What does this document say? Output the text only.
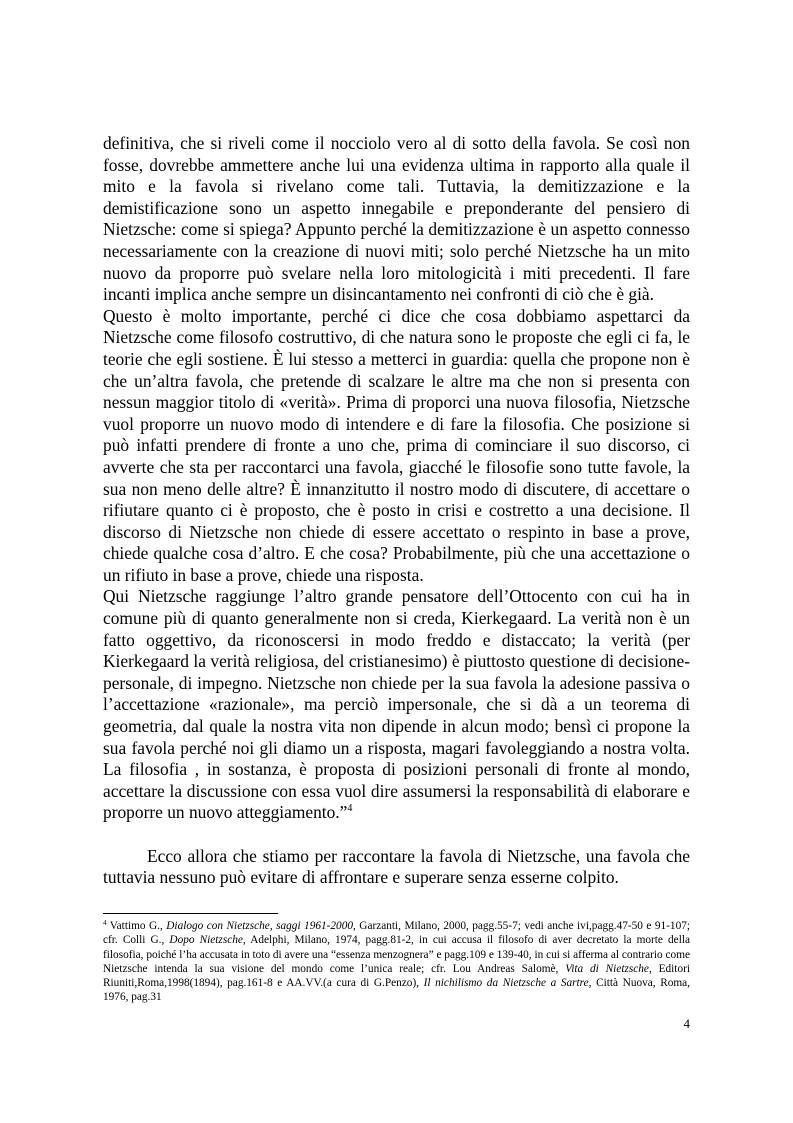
definitiva, che si riveli come il nocciolo vero al di sotto della favola. Se così non fosse, dovrebbe ammettere anche lui una evidenza ultima in rapporto alla quale il mito e la favola si rivelano come tali. Tuttavia, la demitizzazione e la demistificazione sono un aspetto innegabile e preponderante del pensiero di Nietzsche: come si spiega? Appunto perché la demitizzazione è un aspetto connesso necessariamente con la creazione di nuovi miti; solo perché Nietzsche ha un mito nuovo da proporre può svelare nella loro mitologicità i miti precedenti. Il fare incanti implica anche sempre un disincantamento nei confronti di ciò che è già.

Questo è molto importante, perché ci dice che cosa dobbiamo aspettarci da Nietzsche come filosofo costruttivo, di che natura sono le proposte che egli ci fa, le teorie che egli sostiene. È lui stesso a metterci in guardia: quella che propone non è che un’altra favola, che pretende di scalzare le altre ma che non si presenta con nessun maggior titolo di «verità». Prima di proporci una nuova filosofia, Nietzsche vuol proporre un nuovo modo di intendere e di fare la filosofia. Che posizione si può infatti prendere di fronte a uno che, prima di cominciare il suo discorso, ci avverte che sta per raccontarci una favola, giacché le filosofie sono tutte favole, la sua non meno delle altre? È innanzitutto il nostro modo di discutere, di accettare o rifiutare quanto ci è proposto, che è posto in crisi e costretto a una decisione. Il discorso di Nietzsche non chiede di essere accettato o respinto in base a prove, chiede qualche cosa d’altro. E che cosa? Probabilmente, più che una accettazione o un rifiuto in base a prove, chiede una risposta.

Qui Nietzsche raggiunge l’altro grande pensatore dell’Ottocento con cui ha in comune più di quanto generalmente non si creda, Kierkegaard. La verità non è un fatto oggettivo, da riconoscersi in modo freddo e distaccato; la verità (per Kierkegaard la verità religiosa, del cristianesimo) è piuttosto questione di decisione-personale, di impegno. Nietzsche non chiede per la sua favola la adesione passiva o l’accettazione «razionale», ma perciò impersonale, che si dà a un teorema di geometria, dal quale la nostra vita non dipende in alcun modo; bensì ci propone la sua favola perché noi gli diamo un a risposta, magari favoleggiando a nostra volta. La filosofia , in sostanza, è proposta di posizioni personali di fronte al mondo, accettare la discussione con essa vuol dire assumersi la responsabilità di elaborare e proporre un nuovo atteggiamento.”$^4$

Ecco allora che stiamo per raccontare la favola di Nietzsche, una favola che tuttavia nessuno può evitare di affrontare e superare senza esserne colpito.

$^4$ Vattimo G., Dialogo con Nietzsche, saggi 1961-2000, Garzanti, Milano, 2000, pagg.55-7; vedi anche ivi,pagg.47-50 e 91-107; cfr. Colli G., Dopo Nietzsche, Adelphi, Milano, 1974, pagg.81-2, in cui accusa il filosofo di aver decretato la morte della filosofia, poiché l’ha accusata in toto di avere una “essenza menzognera” e pagg.109 e 139-40, in cui si afferma al contrario come Nietzsche intenda la sua visione del mondo come l’unica reale; cfr. Lou Andreas Salomè, Vita di Nietzsche, Editori Riuniti,Roma,1998(1894), pag.161-8 e AA.VV.(a cura di G.Penzo), Il nichilismo da Nietzsche a Sartre, Città Nuova, Roma, 1976, pag.31
4
